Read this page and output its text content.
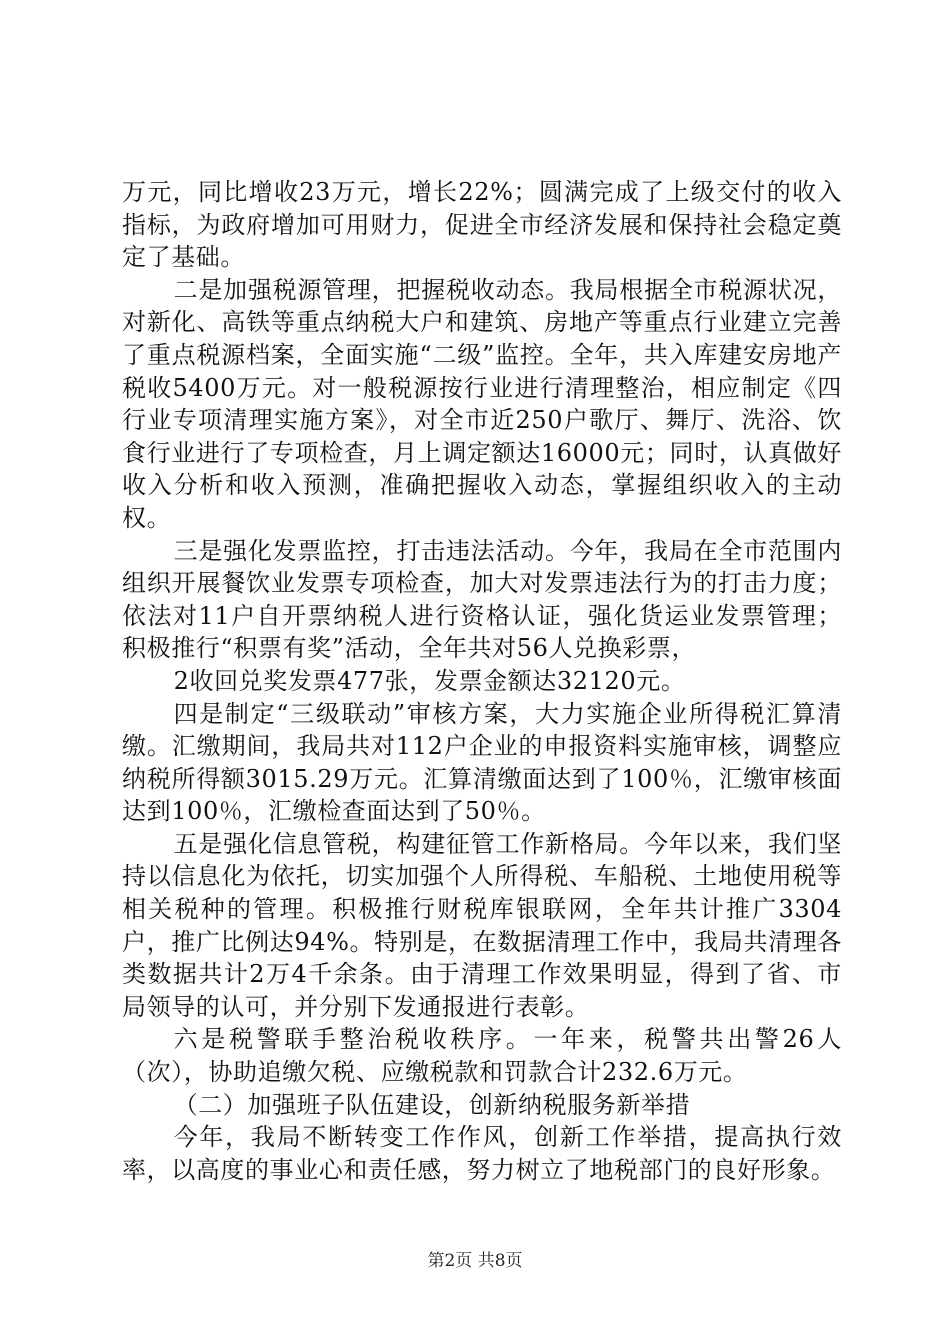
万元，同比增收23万元，增长22%；圆满完成了上级交付的收入指标，为政府增加可用财力，促进全市经济发展和保持社会稳定奠定了基础。

二是加强税源管理，把握税收动态。我局根据全市税源状况，对新化、高铁等重点纳税大户和建筑、房地产等重点行业建立完善了重点税源档案，全面实施“二级”监控。全年，共入库建安房地产税收5400万元。对一般税源按行业进行清理整治，相应制定《四行业专项清理实施方案》，对全市近250户歌厅、舞厅、洗浴、饮食行业进行了专项检查，月上调定额达16000元；同时，认真做好收入分析和收入预测，准确把握收入动态，掌握组织收入的主动权。

三是强化发票监控，打击违法活动。今年，我局在全市范围内组织开展餐饮业发票专项检查，加大对发票违法行为的打击力度；依法对11户自开票纳税人进行资格认证，强化货运业发票管理；积极推行“积票有奖”活动，全年共对56人兑换彩票，

2收回兑奖发票477张，发票金额达32120元。

四是制定“三级联动”审核方案，大力实施企业所得税汇算清缴。汇缴期间，我局共对112户企业的申报资料实施审核，调整应纳税所得额3015.29万元。汇算清缴面达到了100％，汇缴审核面达到100％，汇缴检查面达到了50％。

五是强化信息管税，构建征管工作新格局。今年以来，我们坚持以信息化为依托，切实加强个人所得税、车船税、土地使用税等相关税种的管理。积极推行财税库银联网，全年共计推广3304户，推广比例达94%。特别是，在数据清理工作中，我局共清理各类数据共计2万4千余条。由于清理工作效果明显，得到了省、市局领导的认可，并分别下发通报进行表彰。

六是税警联手整治税收秩序。一年来，税警共出警26人（次），协助追缴欠税、应缴税款和罚款合计232.6万元。

（二）加强班子队伍建设，创新纳税服务新举措

今年，我局不断转变工作作风，创新工作举措，提高执行效率，以高度的事业心和责任感，努力树立了地税部门的良好形象。

第2页 共8页
